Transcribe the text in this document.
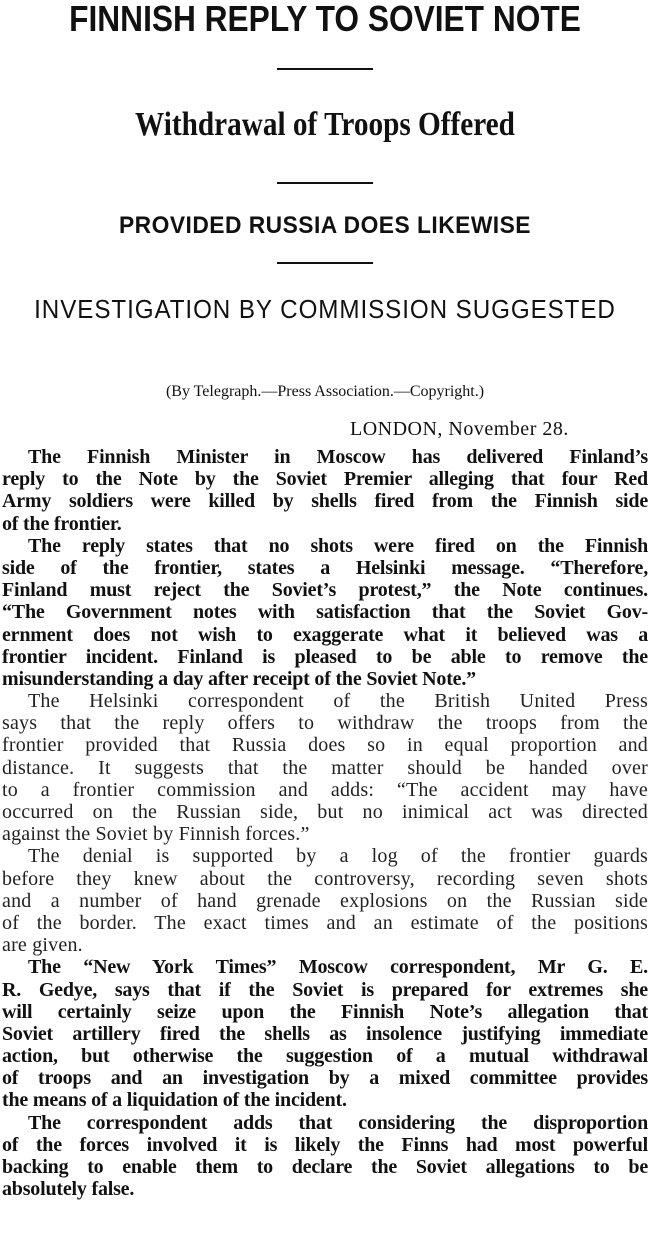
FINNISH REPLY TO SOVIET NOTE
Withdrawal of Troops Offered
PROVIDED RUSSIA DOES LIKEWISE
INVESTIGATION BY COMMISSION SUGGESTED
(By Telegraph.—Press Association.—Copyright.)
LONDON, November 28.
The Finnish Minister in Moscow has delivered Finland’s
reply to the Note by the Soviet Premier alleging that four Red
Army soldiers were killed by shells fired from the Finnish side
of the frontier.
The reply states that no shots were fired on the Finnish
side of the frontier, states a Helsinki message. “Therefore,
Finland must reject the Soviet’s protest,” the Note continues.
“The Government notes with satisfaction that the Soviet Gov-
ernment does not wish to exaggerate what it believed was a
frontier incident. Finland is pleased to be able to remove the
misunderstanding a day after receipt of the Soviet Note.”
The Helsinki correspondent of the British United Press
says that the reply offers to withdraw the troops from the
frontier provided that Russia does so in equal proportion and
distance. It suggests that the matter should be handed over
to a frontier commission and adds: “The accident may have
occurred on the Russian side, but no inimical act was directed
against the Soviet by Finnish forces.”
The denial is supported by a log of the frontier guards
before they knew about the controversy, recording seven shots
and a number of hand grenade explosions on the Russian side
of the border. The exact times and an estimate of the positions
are given.
The “New York Times” Moscow correspondent, Mr G. E.
R. Gedye, says that if the Soviet is prepared for extremes she
will certainly seize upon the Finnish Note’s allegation that
Soviet artillery fired the shells as insolence justifying immediate
action, but otherwise the suggestion of a mutual withdrawal
of troops and an investigation by a mixed committee provides
the means of a liquidation of the incident.
The correspondent adds that considering the disproportion
of the forces involved it is likely the Finns had most powerful
backing to enable them to declare the Soviet allegations to be
absolutely false.
